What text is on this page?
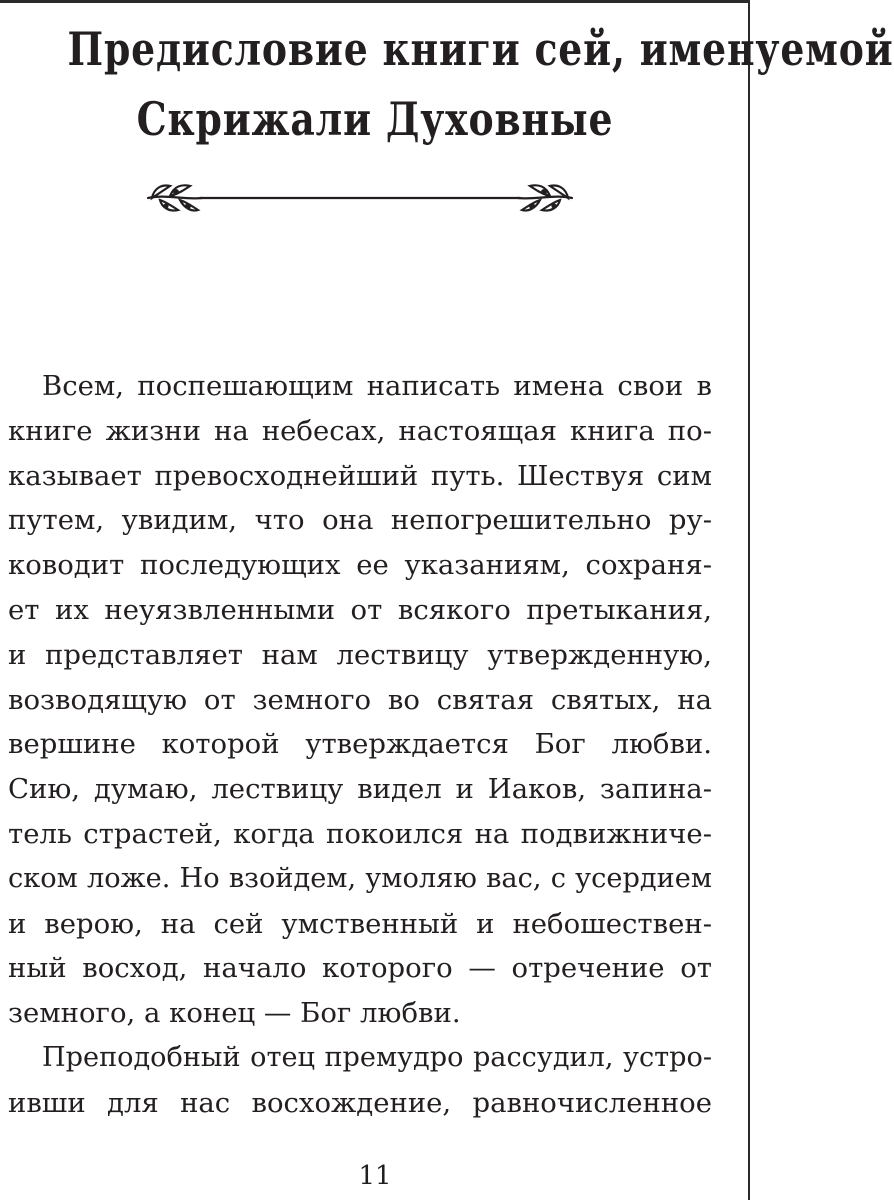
Предисловие книги сей, именуемой
Скрижали Духовные
Всем, поспешающим написать имена свои в
книге жизни на небесах, настоящая книга по-
казывает превосходнейший путь. Шествуя сим
путем, увидим, что она непогрешительно ру-
ководит последующих ее указаниям, сохраня-
ет их неуязвленными от всякого претыкания,
и представляет нам лествицу утвержденную,
возводящую от земного во святая святых, на
вершине которой утверждается Бог любви.
Сию, думаю, лествицу видел и Иаков, запина-
тель страстей, когда покоился на подвижниче-
ском ложе. Но взойдем, умоляю вас, с усердием
и верою, на сей умственный и небошествен-
ный восход, начало которого — отречение от
земного, а конец — Бог любви.
Преподобный отец премудро рассудил, устро-
ивши для нас восхождение, равночисленное
11
